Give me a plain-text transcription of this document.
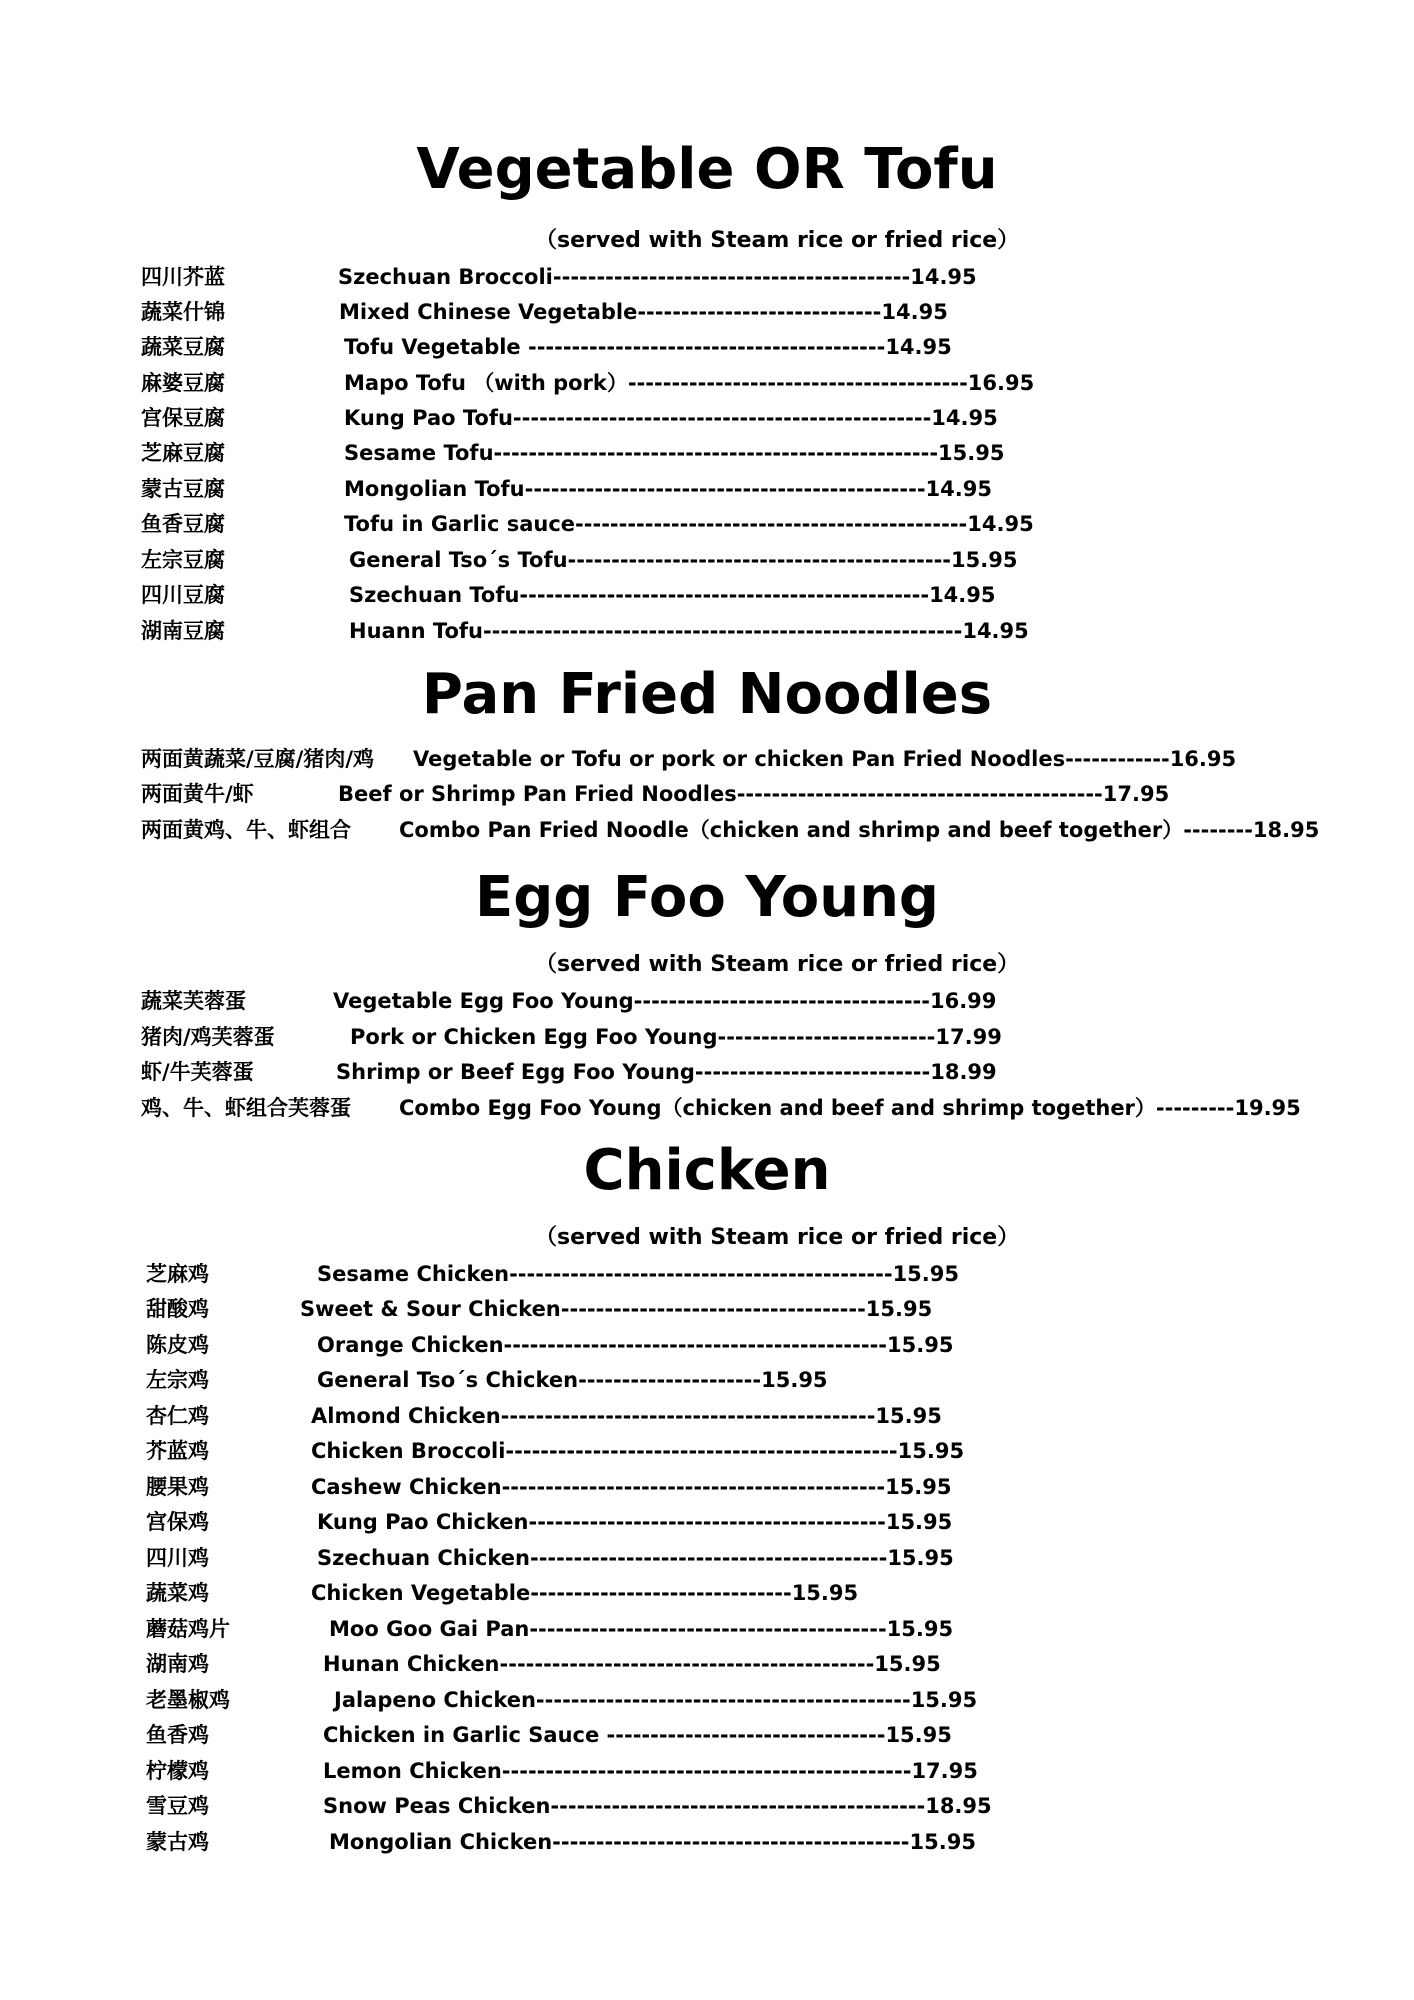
Vegetable OR Tofu
（served with Steam rice or fried rice）
四川芥蓝	Szechuan Broccoli-----------------------------------------14.95
蔬菜什锦	Mixed Chinese Vegetable----------------------------14.95
蔬菜豆腐	Tofu Vegetable -----------------------------------------14.95
麻婆豆腐	Mapo Tofu （with pork）---------------------------------------16.95
宫保豆腐	Kung Pao Tofu------------------------------------------------14.95
芝麻豆腐	Sesame Tofu---------------------------------------------------15.95
蒙古豆腐	Mongolian Tofu----------------------------------------------14.95
鱼香豆腐	Tofu in Garlic sauce---------------------------------------------14.95
左宗豆腐	General Tso´s Tofu--------------------------------------------15.95
四川豆腐	Szechuan Tofu-----------------------------------------------14.95
湖南豆腐	Huann Tofu-------------------------------------------------------14.95
Pan Fried Noodles
两面黄蔬菜/豆腐/猪肉/鸡 Vegetable or Tofu or pork or chicken Pan Fried Noodles------------16.95
两面黄牛/虾	Beef or Shrimp Pan Fried Noodles------------------------------------------17.95
两面黄鸡、牛、虾组合 Combo Pan Fried Noodle（chicken and shrimp and beef together）--------18.95
Egg Foo Young
（served with Steam rice or fried rice）
蔬菜芙蓉蛋	Vegetable Egg Foo Young----------------------------------16.99
猪肉/鸡芙蓉蛋	Pork or Chicken Egg Foo Young-------------------------17.99
虾/牛芙蓉蛋	Shrimp or Beef Egg Foo Young---------------------------18.99
鸡、牛、虾组合芙蓉蛋 Combo Egg Foo Young（chicken and beef and shrimp together）---------19.95
Chicken
（served with Steam rice or fried rice）
芝麻鸡	Sesame Chicken--------------------------------------------15.95
甜酸鸡	Sweet & Sour Chicken-----------------------------------15.95
陈皮鸡	Orange Chicken--------------------------------------------15.95
左宗鸡	General Tso´s Chicken---------------------15.95
杏仁鸡	Almond Chicken-------------------------------------------15.95
芥蓝鸡	Chicken Broccoli---------------------------------------------15.95
腰果鸡	Cashew Chicken--------------------------------------------15.95
宫保鸡	Kung Pao Chicken-----------------------------------------15.95
四川鸡	Szechuan Chicken-----------------------------------------15.95
蔬菜鸡	Chicken Vegetable------------------------------15.95
蘑菇鸡片	Moo Goo Gai Pan-----------------------------------------15.95
湖南鸡	Hunan Chicken-------------------------------------------15.95
老墨椒鸡	Jalapeno Chicken-------------------------------------------15.95
鱼香鸡	Chicken in Garlic Sauce --------------------------------15.95
柠檬鸡	Lemon Chicken-----------------------------------------------17.95
雪豆鸡	Snow Peas Chicken-------------------------------------------18.95
蒙古鸡	Mongolian Chicken-----------------------------------------15.95
